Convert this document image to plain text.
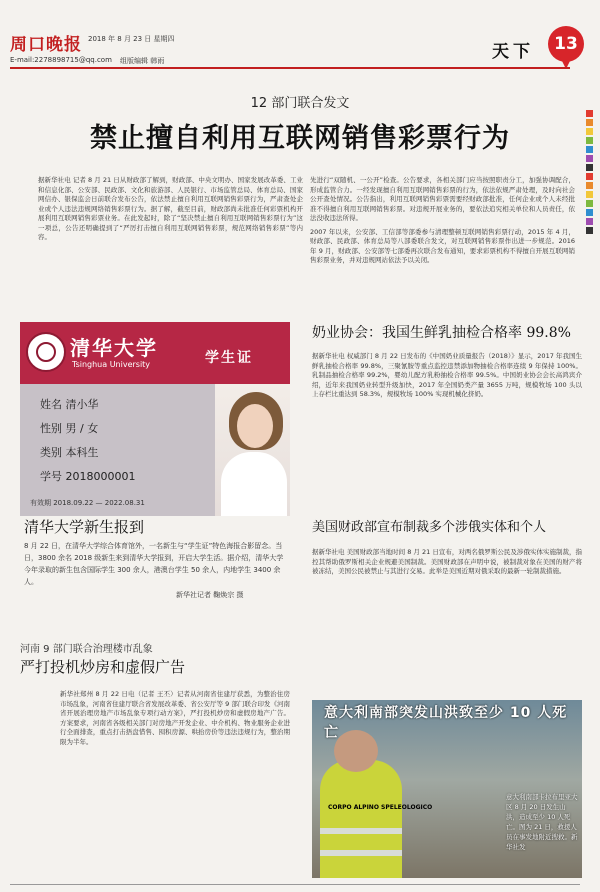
周口晚报 2018 年 8 月 23 日 星期四
E-mail:2278898715@qq.com 组版编辑 韩雨	天下	13
12 部门联合发文
禁止擅自利用互联网销售彩票行为

据新华社电 记者 8 月 21 日从财政部了解到，财政部、中央文明办、国家发展改革委、工业和信息化部、公安部、民政部、文化和旅游部、人民银行、市场监管总局、体育总局、国家网信办、银保监会日前联合发布公告，依法禁止擅自利用互联网销售彩票行为，严肃查处企业或个人违法违规网络销售彩票行为。据了解，截至目前，财政部尚未批准任何彩票机构开展利用互联网销售彩票业务。在此发起时，除了“坚决禁止擅自利用互联网销售彩票行为”这一项总，公告还明确提到了“严厉打击擅自利用互联网销售彩票，规范网络销售彩票”等内容。

先进行“双随机、一公开”检查。公告要求，各相关部门应当按照职责分工，加强协调配合，形成监管合力。一经发现擅自利用互联网销售彩票的行为，依法依规严肃处理，及时向社会公开查处情况。公告指出，利用互联网销售彩票需要经财政部批准，任何企业或个人未经批准不得擅自利用互联网销售彩票。对违规开展业务的，要依法追究相关单位和人员责任，依法没收违法所得。

2007 年以来，公安部、工信部等部委参与清理整顿互联网销售彩票行动，2015 年 4 月，财政部、民政部、体育总局等八部委联合发文，对互联网销售彩票作出进一步规范。2016 年 9 月，财政部、公安部等七部委再次联合发布通知，要求彩票机构不得擅自开展互联网销售彩票业务，并对违规网站依法予以关闭。

清华大学
Tsinghua University	学生证
姓名 清小华
性别 男 / 女
类别 本科生
学号 2018000001
有效期 2018.09.22 — 2022.08.31
清华大学新生报到
8 月 22 日，在清华大学综合体育馆外，一名新生与“学生证”特色海报合影留念。当日，3800 余名 2018 级新生来到清华大学报到，开启大学生活。据介绍，清华大学今年录取的新生包含国际学生 300 余人，港澳台学生 50 余人，内地学生 3400 余人。
新华社记者 鞠焕宗 摄
河南 9 部门联合治理楼市乱象
严打投机炒房和虚假广告

新华社郑州 8 月 22 日电（记者 王丕）记者从河南省住建厅获悉，为整治住房市场乱象，河南省住建厅联合省发展改革委、省公安厅等 9 部门联合印发《河南省开展治理房地产市场乱象专项行动方案》，严打投机炒房和虚假房地产广告。方案要求，河南省各级相关部门对房地产开发企业、中介机构、物业服务企业进行全面排查，重点打击捂盘惜售、囤积房源、哄抬房价等违法违规行为，整治期限为半年。

奶业协会：我国生鲜乳抽检合格率 99.8%

据新华社电 权威部门 8 月 22 日发布的《中国奶业质量报告（2018）》显示，2017 年我国生鲜乳抽检合格率 99.8%，三聚氰胺等重点监控违禁添加物抽检合格率连续 9 年保持 100%。乳制品抽检合格率 99.2%，婴幼儿配方乳粉抽检合格率 99.5%。中国奶业协会会长高鸿宾介绍，近年来我国奶业转型升级加快，2017 年全国奶类产量 3655 万吨，规模牧场 100 头以上存栏比重达到 58.3%，规模牧场 100% 实现机械化挤奶。

美国财政部宣布制裁多个涉俄实体和个人

据新华社电 美国财政部当地时间 8 月 21 日宣布，对两名俄罗斯公民及涉俄实体实施制裁，指控其帮助俄罗斯相关企业规避美国制裁。美国财政部在声明中说，被制裁对象在美国的财产将被冻结，美国公民被禁止与其进行交易。此举是美国近期对俄采取的最新一轮制裁措施。

意大利南部突发山洪致至少 10 人死亡
CORPO ALPINO SPELEOLOGICO
意大利南部卡拉布里亚大区 8 月 20 日发生山洪，造成至少 10 人死亡。图为 21 日，救援人员在事发地附近搜救。新华社发
